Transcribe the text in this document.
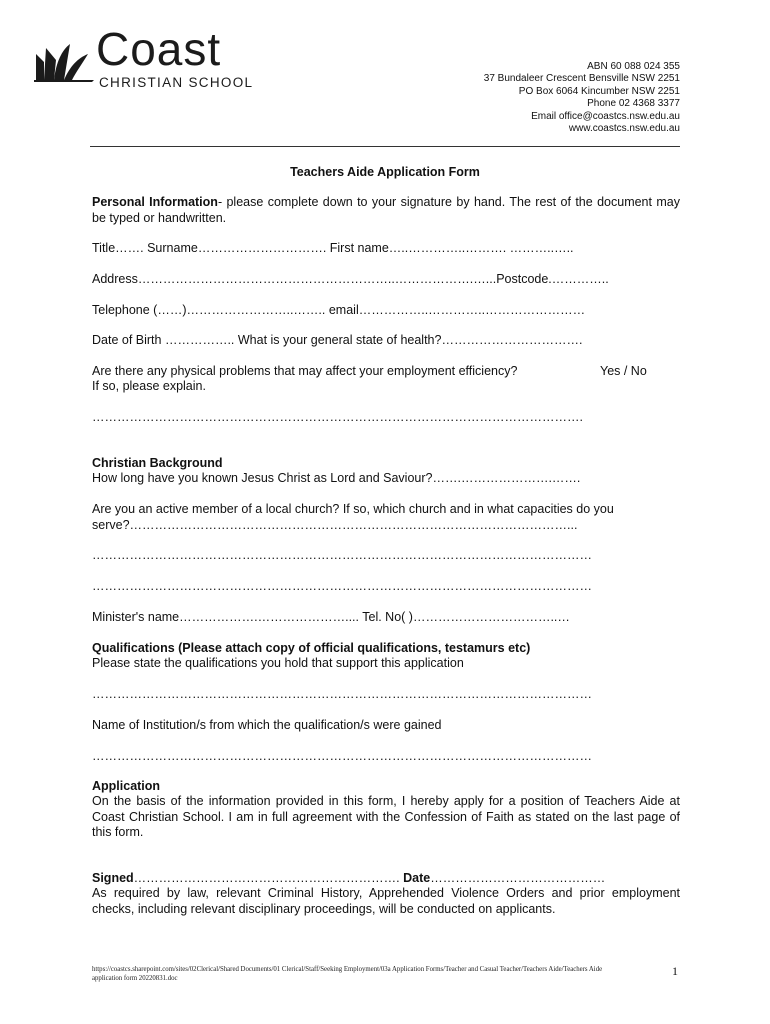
Coast
CHRISTIAN SCHOOL
ABN 60 088 024 355
37 Bundaleer Crescent Bensville NSW 2251
PO Box 6064 Kincumber NSW 2251
Phone 02 4368 3377
Email office@coastcs.nsw.edu.au
www.coastcs.nsw.edu.au
Teachers Aide Application Form
Personal Information- please complete down to your signature by hand. The rest of the document may be typed or handwritten.
Title……. Surname…………………………. First name…..…………..………. ………..…..
Address……………………………………………………..……………….…...Postcode.…………..
Telephone (……)……………………..…….. email……………..…………..……………………
Date of Birth …………….. What is your general state of health?…………………………….
Are there any physical problems that may affect your employment efficiency?	Yes / No
If so, please explain.
……………………………………………………………………………………………………….
Christian Background
How long have you known Jesus Christ as Lord and Saviour?…….………………….…….
Are you an active member of a local church? If so, which church and in what capacities do you serve?……………………………………………………………………………………………...
…………………………………………………………………………………………………………
…………………………………………………………………………………………………………
Minister's name……………….………………….... Tel. No( )……………………………..…
Qualifications (Please attach copy of official qualifications, testamurs etc)
Please state the qualifications you hold that support this application
…………………………………………………………………………………………………………
Name of Institution/s from which the qualification/s were gained
…………………………………………………………………………………………………………
Application
On the basis of the information provided in this form, I hereby apply for a position of Teachers Aide at Coast Christian School. I am in full agreement with the Confession of Faith as stated on the last page of this form.
Signed………………………………………………………. Date……………………………………
As required by law, relevant Criminal History, Apprehended Violence Orders and prior employment checks, including relevant disciplinary proceedings, will be conducted on applicants.
https://coastcs.sharepoint.com/sites/02Clerical/Shared Documents/01 Clerical/Staff/Seeking Employment/03a Application Forms/Teacher and Casual Teacher/Teachers Aide/Teachers Aide application form 20220831.doc
1
